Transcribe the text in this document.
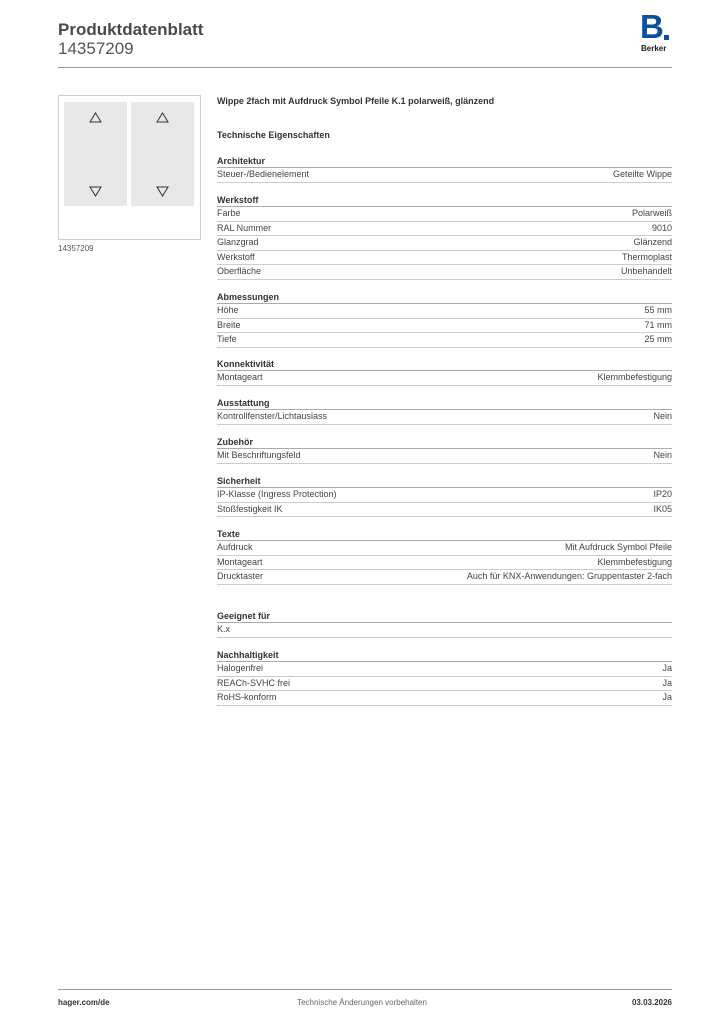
Produktdatenblatt
14357209
B
Berker
14357209
Wippe 2fach mit Aufdruck Symbol Pfeile K.1 polarweiß, glänzend
Technische Eigenschaften
Architektur
Steuer-/Bedienelement	Geteilte Wippe
Werkstoff
Farbe	Polarweiß
RAL Nummer	9010
Glanzgrad	Glänzend
Werkstoff	Thermoplast
Oberfläche	Unbehandelt
Abmessungen
Höhe	55 mm
Breite	71 mm
Tiefe	25 mm
Konnektivität
Montageart	Klemmbefestigung
Ausstattung
Kontrollfenster/Lichtauslass	Nein
Zubehör
Mit Beschriftungsfeld	Nein
Sicherheit
IP-Klasse (Ingress Protection)	IP20
Stoßfestigkeit IK	IK05
Texte
Aufdruck	Mit Aufdruck Symbol Pfeile
Montageart	Klemmbefestigung
Drucktaster	Auch für KNX-Anwendungen: Gruppentaster 2-fach
Geeignet für
K.x
Nachhaltigkeit
Halogenfrei	Ja
REACh-SVHC frei	Ja
RoHS-konform	Ja
hager.com/de	Technische Änderungen vorbehalten	03.03.2026
